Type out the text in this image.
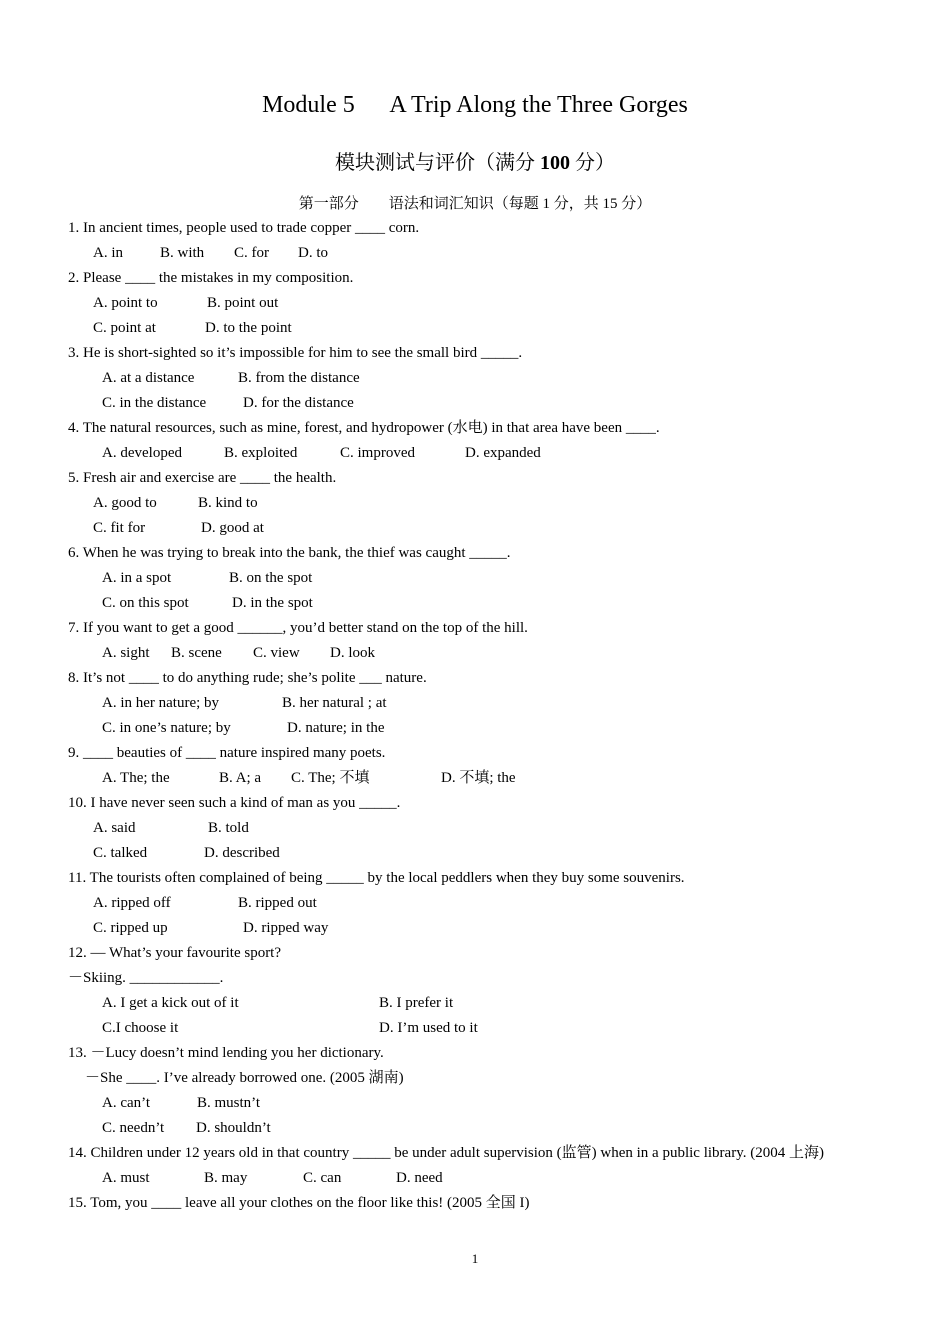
Module 5      A Trip Along the Three Gorges
模块测试与评价（满分 100 分）
第一部分        语法和词汇知识（每题 1 分，共 15 分）
1. In ancient times, people used to trade copper ____ corn.
A. in B. with C. for D. to
2. Please ____ the mistakes in my composition.
A. point to	B. point out
C. point at	D. to the point
3. He is short-sighted so it’s impossible for him to see the small bird _____.
A. at a distance	B. from the distance
C. in the distance D. for the distance
4. The natural resources, such as mine, forest, and hydropower (水电) in that area have been ____.
A. developed	B. exploited	C. improved	D. expanded
5. Fresh air and exercise are ____ the health.
A. good to	B. kind to
C. fit for	D. good at
6. When he was trying to break into the bank, the thief was caught _____.
A. in a spot	B. on the spot
C. on this spot	D. in the spot
7. If you want to get a good ______, you’d better stand on the top of the hill.
A. sight B. scene C. view D. look
8. It’s not ____ to do anything rude; she’s polite ___ nature.
A. in her nature; by	B. her natural ; at
C. in one’s nature; by	D. nature; in the
9. ____ beauties of ____ nature inspired many poets.
A. The; the	B. A; a C. The; 不填	D. 不填; the
10. I have never seen such a kind of man as you _____.
A. said	B. told
C. talked	D. described
11. The tourists often complained of being _____ by the local peddlers when they buy some souvenirs.
A. ripped off	B. ripped out
C. ripped up	D. ripped way
12. — What’s your favourite sport?
－Skiing. ____________.
A. I get a kick out of it	B. I prefer it
C.I choose it	D. I’m used to it
13. －Lucy doesn’t mind lending you her dictionary.
－She ____. I’ve already borrowed one. (2005 湖南)
A. can’t	B. mustn’t
C. needn’t D. shouldn’t
14. Children under 12 years old in that country _____ be under adult supervision (监管) when in a public library. (2004 上海)
A. must	B. may	C. can	D. need
15. Tom, you ____ leave all your clothes on the floor like this! (2005 全国 I)
1
